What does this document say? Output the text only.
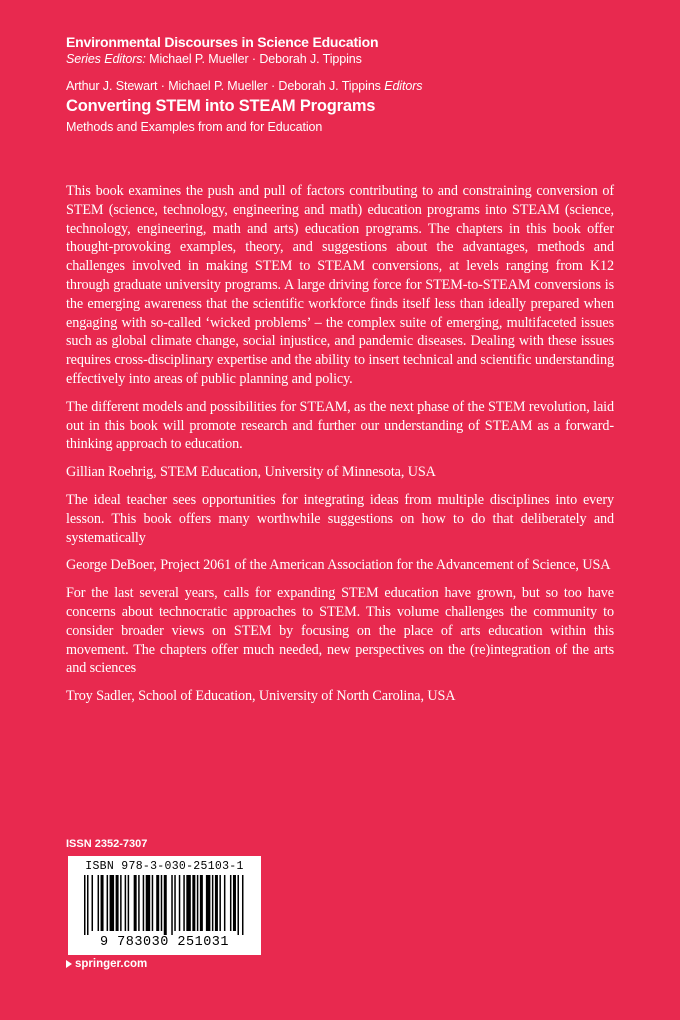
Environmental Discourses in Science Education
Series Editors: Michael P. Mueller · Deborah J. Tippins
Arthur J. Stewart · Michael P. Mueller · Deborah J. Tippins Editors
Converting STEM into STEAM Programs
Methods and Examples from and for Education

This book examines the push and pull of factors contributing to and constraining conversion of STEM (science, technology, engineering and math) education programs into STEAM (science, technology, engineering, math and arts) education programs. The chapters in this book offer thought-provoking examples, theory, and suggestions about the advantages, methods and challenges involved in making STEM to STEAM conversions, at levels ranging from K12 through graduate university programs. A large driving force for STEM-to-STEAM conversions is the emerging awareness that the scientific workforce finds itself less than ideally prepared when engaging with so-called ‘wicked problems’ – the complex suite of emerging, multifaceted issues such as global climate change, social injustice, and pandemic diseases. Dealing with these issues requires cross-disciplinary expertise and the ability to insert technical and scientific understanding effectively into areas of public planning and policy.

The different models and possibilities for STEAM, as the next phase of the STEM revolution, laid out in this book will promote research and further our understanding of STEAM as a forward-thinking approach to education.

Gillian Roehrig, STEM Education, University of Minnesota, USA

The ideal teacher sees opportunities for integrating ideas from multiple disciplines into every lesson. This book offers many worthwhile suggestions on how to do that deliberately and systematically

George DeBoer, Project 2061 of the American Association for the Advancement of Science, USA

For the last several years, calls for expanding STEM education have grown, but so too have concerns about technocratic approaches to STEM. This volume challenges the community to consider broader views on STEM by focusing on the place of arts education within this movement. The chapters offer much needed, new perspectives on the (re)integration of the arts and sciences

Troy Sadler, School of Education, University of North Carolina, USA

ISSN 2352-7307
ISBN 978-3-030-25103-1
9 783030 251031
springer.com
